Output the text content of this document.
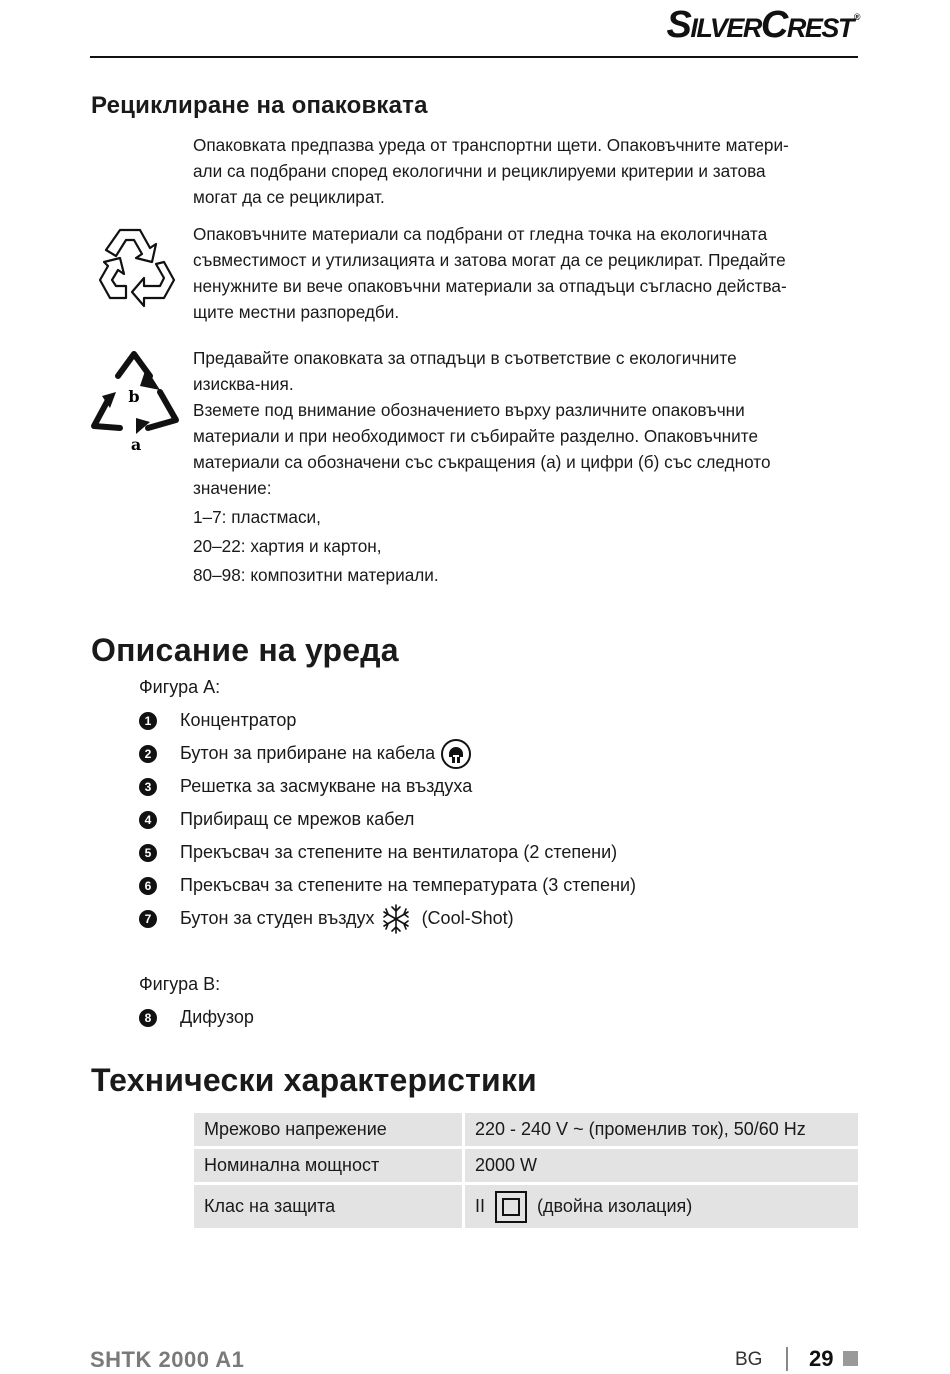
SilverCrest®
Рециклиране на опаковката
Опаковката предпазва уреда от транспортни щети. Опаковъчните матери-
али са подбрани според екологични и рециклируеми критерии и затова
могат да се рециклират.
Опаковъчните материали са подбрани от гледна точка на екологичната
съвместимост и утилизацията и затова могат да се рециклират. Предайте
ненужните ви вече опаковъчни материали за отпадъци съгласно действа-
щите местни разпоредби.
b
a
Предавайте опаковката за отпадъци в съответствие с екологичните
изисква-ния.
Вземете под внимание обозначението върху различните опаковъчни
материали и при необходимост ги събирайте разделно. Опаковъчните
материали са обозначени със съкращения (a) и цифри (б) със следното
значение:
1–7: пластмаси,
20–22: хартия и картон,
80–98: композитни материали.
Описание на уреда
Фигура A:
1	Концентратор
2	Бутон за прибиране на кабела
3	Решетка за засмукване на въздуха
4	Прибиращ се мрежов кабел
5	Прекъсвач за степените на вентилатора (2 степени)
6	Прекъсвач за степените на температурата (3 степени)
7	Бутон за студен въздух	(Cool-Shot)
Фигура B:
8	Дифузор
Технически характеристики
Мрежово напрежение	220 - 240 V ~ (променлив ток), 50/60 Hz
Номинална мощност	2000 W
Клас на защита	II (двойна изолация)
SHTK 2000 A1	BG 29
